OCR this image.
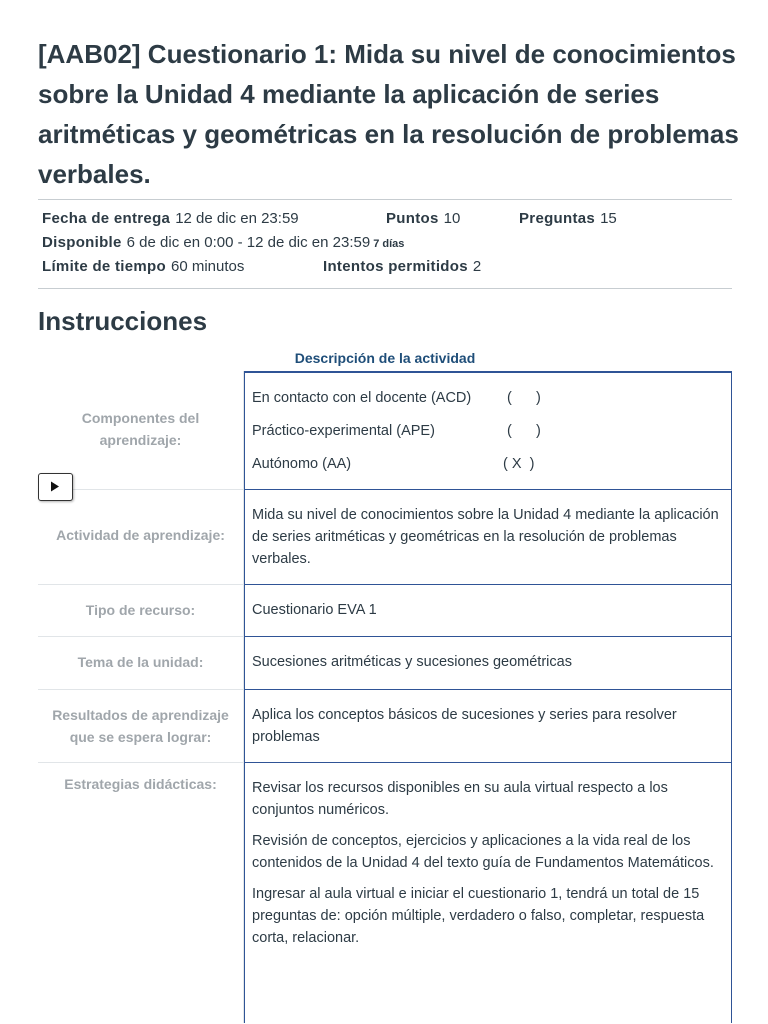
[AAB02] Cuestionario 1: Mida su nivel de conocimientos sobre la Unidad 4 mediante la aplicación de series aritméticas y geométricas en la resolución de problemas verbales.
Fecha de entrega 12 de dic en 23:59	Puntos 10	Preguntas 15
Disponible 6 de dic en 0:00 - 12 de dic en 23:59 7 días
Límite de tiempo 60 minutos	Intentos permitidos 2
Instrucciones
Descripción de la actividad
Componentes del aprendizaje:
En contacto con el docente (ACD) (      )
Práctico-experimental (APE)	(      )
Autónomo (AA)	( X  )
Actividad de aprendizaje:
Mida su nivel de conocimientos sobre la Unidad 4 mediante la aplicación de series aritméticas y geométricas en la resolución de problemas verbales.
Tipo de recurso:	Cuestionario EVA 1
Tema de la unidad:	Sucesiones aritméticas y sucesiones geométricas
Resultados de aprendizaje que se espera lograr:
Aplica los conceptos básicos de sucesiones y series para resolver problemas
Estrategias didácticas:	Revisar los recursos disponibles en su aula virtual respecto a los conjuntos numéricos.

Revisión de conceptos, ejercicios y aplicaciones a la vida real de los contenidos de la Unidad 4 del texto guía de Fundamentos Matemáticos.

Ingresar al aula virtual e iniciar el cuestionario 1, tendrá un total de 15 preguntas de: opción múltiple, verdadero o falso, completar, respuesta corta, relacionar.
